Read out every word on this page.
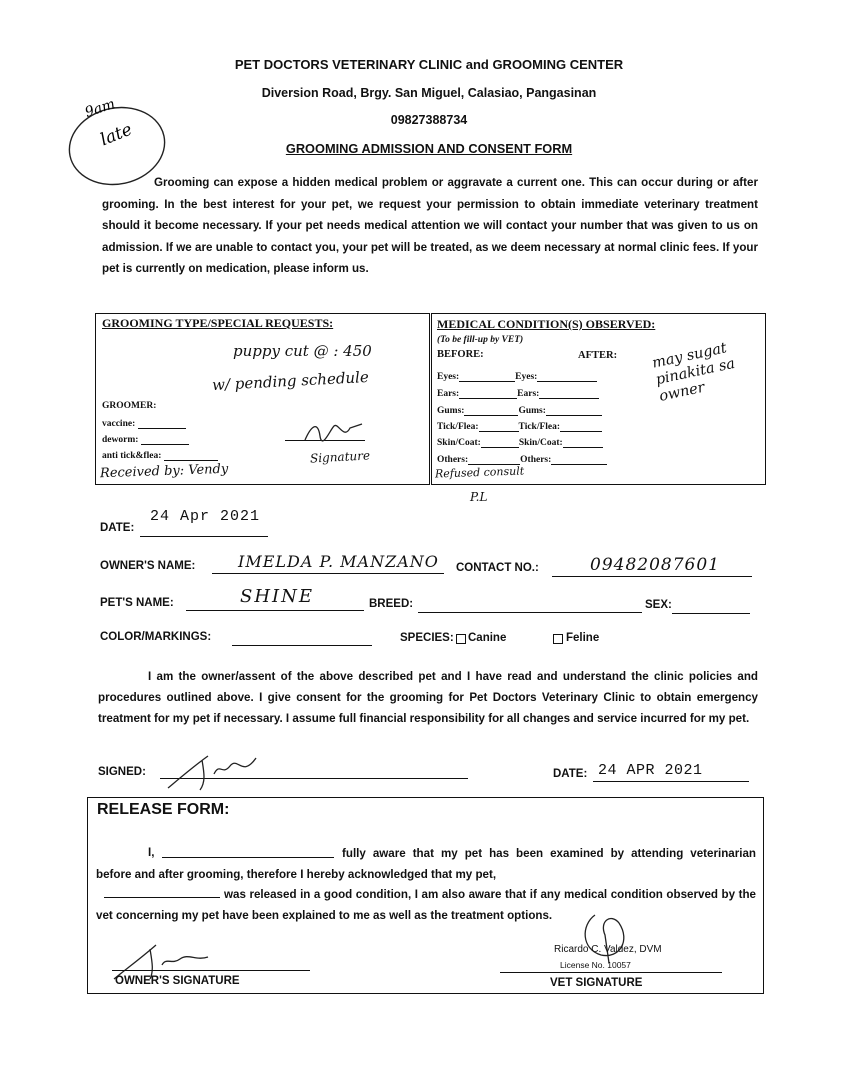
PET DOCTORS VETERINARY CLINIC and GROOMING CENTER
Diversion Road, Brgy. San Miguel, Calasiao, Pangasinan
09827388734
GROOMING ADMISSION AND CONSENT FORM
9am
late
Grooming can expose a hidden medical problem or aggravate a current one. This can occur during or after grooming. In the best interest for your pet, we request your permission to obtain immediate veterinary treatment should it become necessary. If your pet needs medical attention we will contact your number that was given to us on admission. If we are unable to contact you, your pet will be treated, as we deem necessary at normal clinic fees. If your pet is currently on medication, please inform us.
GROOMING TYPE/SPECIAL REQUESTS:
puppy cut @ : 450
w/ pending schedule
GROOMER:
vaccine:
deworm:
anti tick&flea:	Signature
Received by: Vendy
MEDICAL CONDITION(S) OBSERVED:
(To be fill-up by VET)
BEFORE:	AFTER:
Eyes:	Eyes:
Ears:	Ears:
Gums:	Gums:
Tick/Flea:	Tick/Flea:
Skin/Coat:	Skin/Coat:
Others:	Others:
Refused consult
may sugat pinakita sa owner
P.L
DATE:
24 Apr 2021
OWNER'S NAME:	IMELDA P. MANZANO CONTACT NO.:	09482087601
PET'S NAME:	SHINE	BREED:	SEX:
COLOR/MARKINGS:	SPECIES: Canine	Feline
I am the owner/assent of the above described pet and I have read and understand the clinic policies and procedures outlined above. I give consent for the grooming for Pet Doctors Veterinary Clinic to obtain emergency treatment for my pet if necessary. I assume full financial responsibility for all changes and service incurred for my pet.
SIGNED:	DATE: 24 APR 2021
RELEASE FORM:
I,	fully aware that my pet has been examined by attending veterinarian before and after grooming, therefore I hereby acknowledged that my pet,
was released in a good condition, I am also aware that if any medical condition observed by the vet concerning my pet have been explained to me as well as the treatment options.
OWNER'S SIGNATURE
Ricardo C. Valdez, DVM
License No. 10057
VET SIGNATURE
